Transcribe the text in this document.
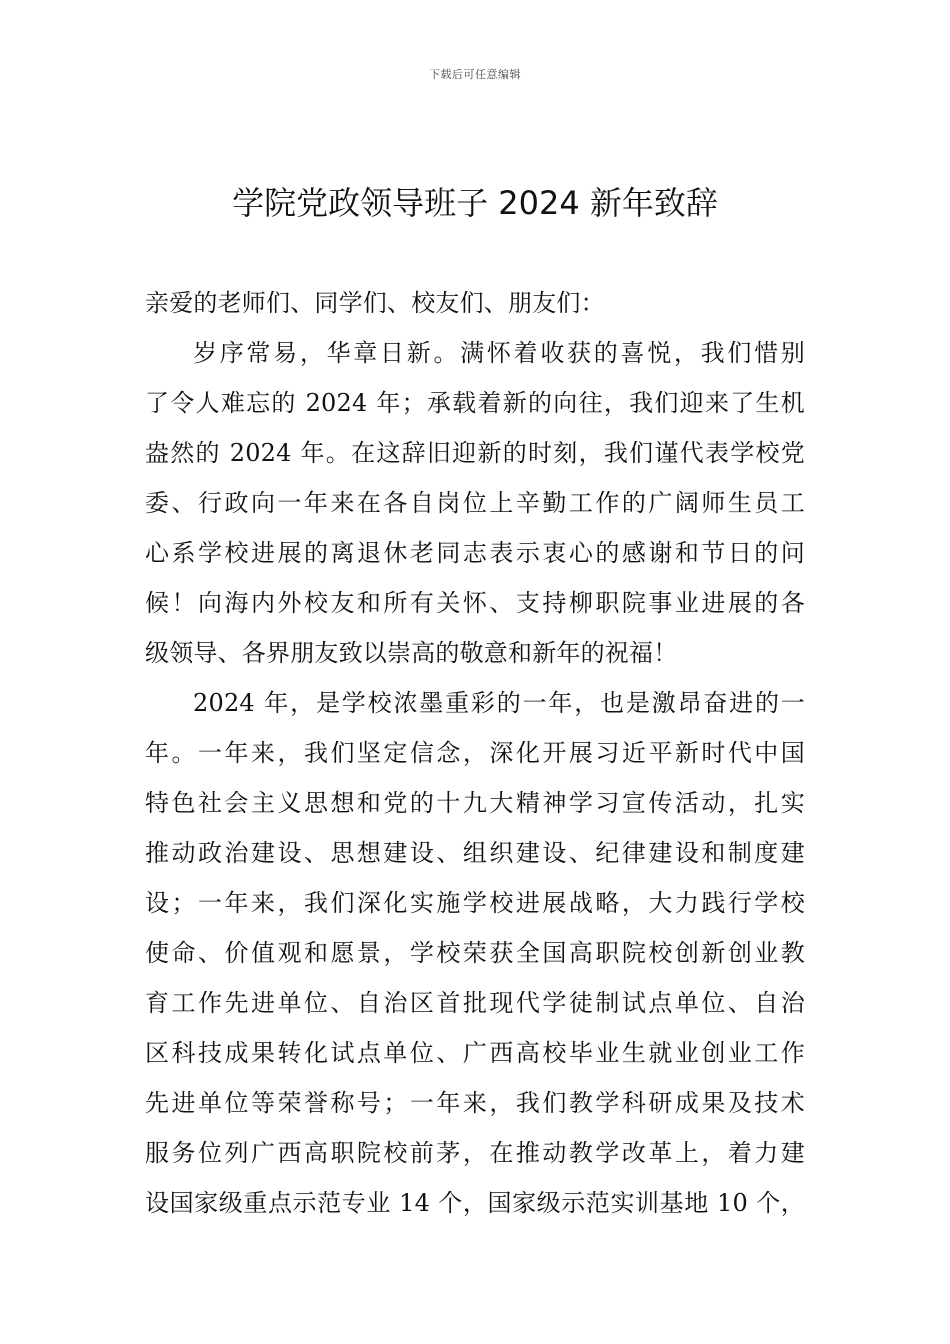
下载后可任意编辑
学院党政领导班子 2024 新年致辞
亲爱的老师们、同学们、校友们、朋友们：
岁序常易，华章日新。满怀着收获的喜悦，我们惜别
了令人难忘的 2024 年；承载着新的向往，我们迎来了生机
盎然的 2024 年。在这辞旧迎新的时刻，我们谨代表学校党
委、行政向一年来在各自岗位上辛勤工作的广阔师生员工
心系学校进展的离退休老同志表示衷心的感谢和节日的问
候！向海内外校友和所有关怀、支持柳职院事业进展的各
级领导、各界朋友致以崇高的敬意和新年的祝福！
2024 年，是学校浓墨重彩的一年，也是激昂奋进的一
年。一年来，我们坚定信念，深化开展习近平新时代中国
特色社会主义思想和党的十九大精神学习宣传活动，扎实
推动政治建设、思想建设、组织建设、纪律建设和制度建
设；一年来，我们深化实施学校进展战略，大力践行学校
使命、价值观和愿景，学校荣获全国高职院校创新创业教
育工作先进单位、自治区首批现代学徒制试点单位、自治
区科技成果转化试点单位、广西高校毕业生就业创业工作
先进单位等荣誉称号；一年来，我们教学科研成果及技术
服务位列广西高职院校前茅，在推动教学改革上，着力建
设国家级重点示范专业 14 个，国家级示范实训基地 10 个，
